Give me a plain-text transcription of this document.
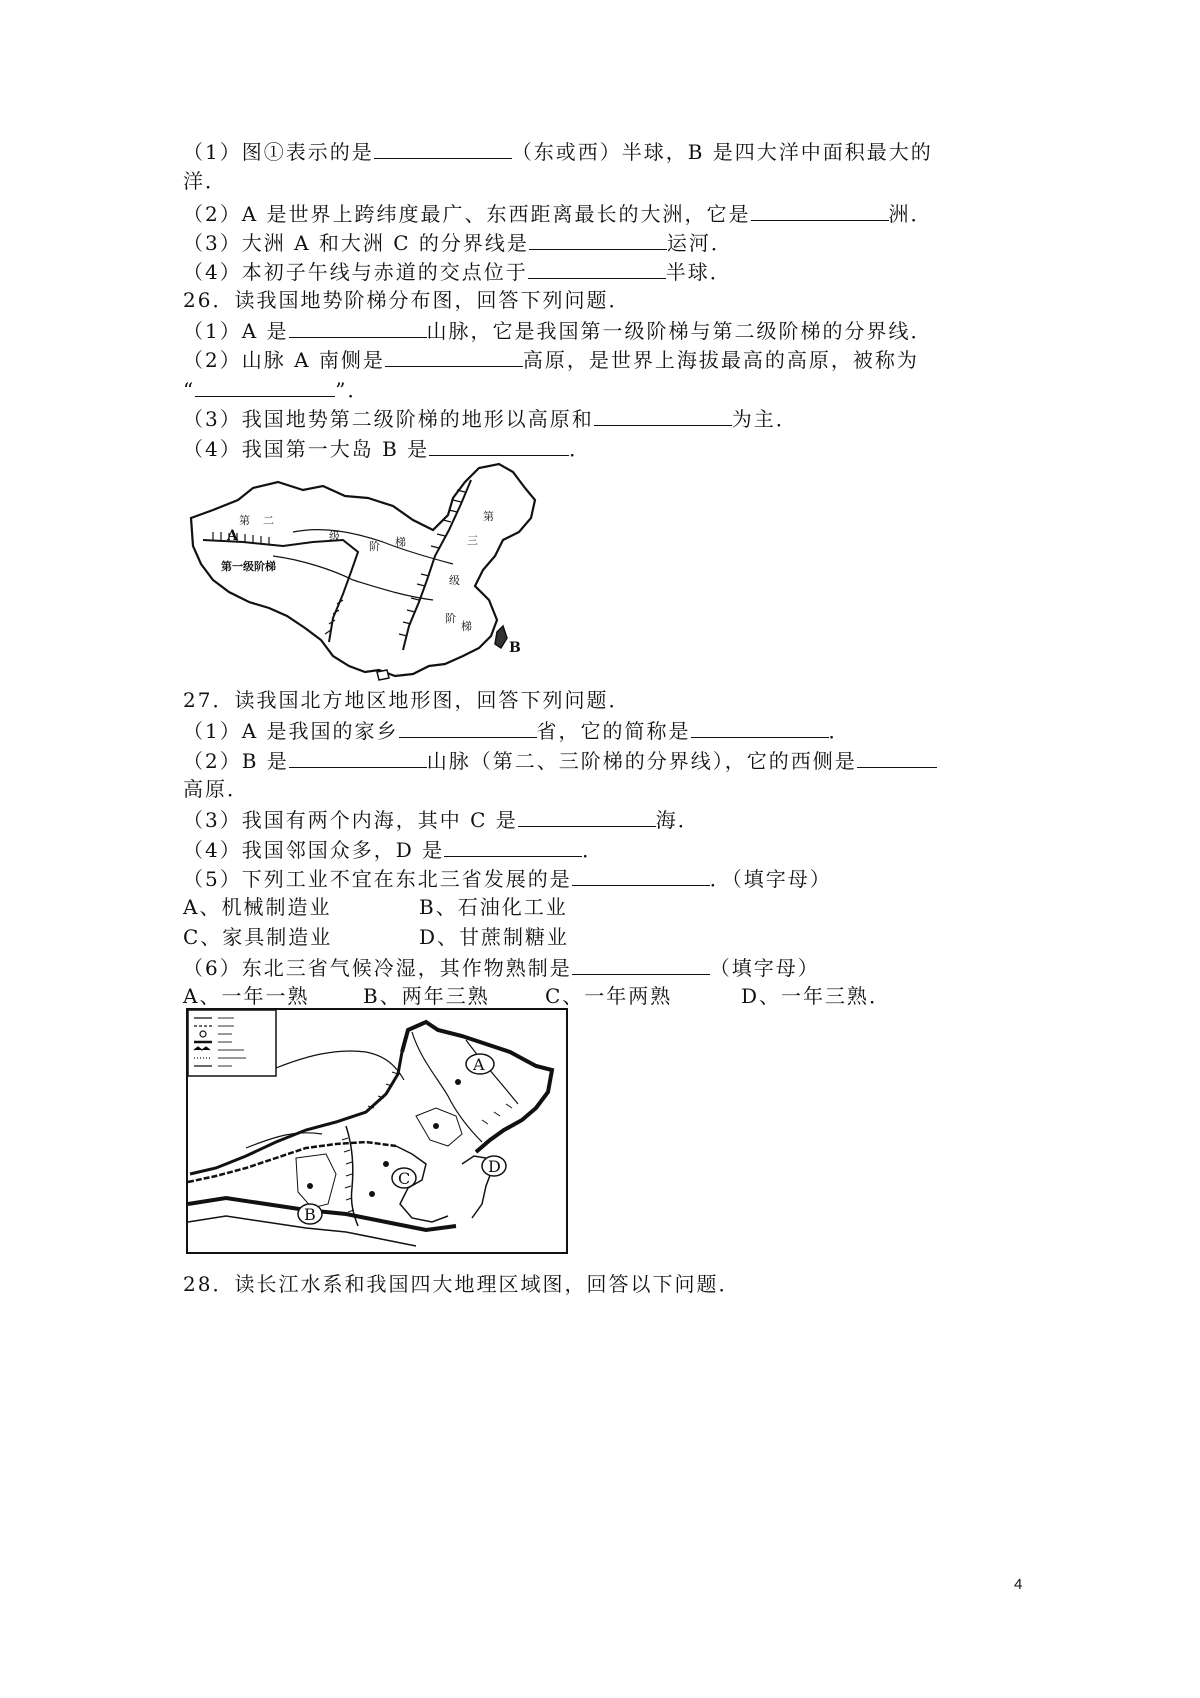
（1）图①表示的是	（东或西）半球，B 是四大洋中面积最大的
洋．
（2）A 是世界上跨纬度最广、东西距离最长的大洲，它是	洲．
（3）大洲 A 和大洲 C 的分界线是	运河．
（4）本初子午线与赤道的交点位于	半球．
26．读我国地势阶梯分布图，回答下列问题．
（1）A 是	山脉，它是我国第一级阶梯与第二级阶梯的分界线．
（2）山脉 A 南侧是	高原，是世界上海拔最高的高原，被称为
“	”．
（3）我国地势第二级阶梯的地形以高原和	为主．
（4）我国第一大岛 B 是	．
A
B
第 二
级
阶 梯
第
三
级
阶
梯
第一级阶梯
27．读我国北方地区地形图，回答下列问题．
（1）A 是我国的家乡	省，它的简称是	．
（2）B 是	山脉（第二、三阶梯的分界线），它的西侧是
高原．
（3）我国有两个内海，其中 C 是	海．
（4）我国邻国众多，D 是	．
（5）下列工业不宜在东北三省发展的是	．（填字母）
A、机械制造业	B、石油化工业
C、家具制造业	D、甘蔗制糖业
（6）东北三省气候冷湿，其作物熟制是	（填字母）
A、一年一熟	B、两年三熟	C、一年两熟	D、一年三熟．
A
B
C
D
28．读长江水系和我国四大地理区域图，回答以下问题．
4
